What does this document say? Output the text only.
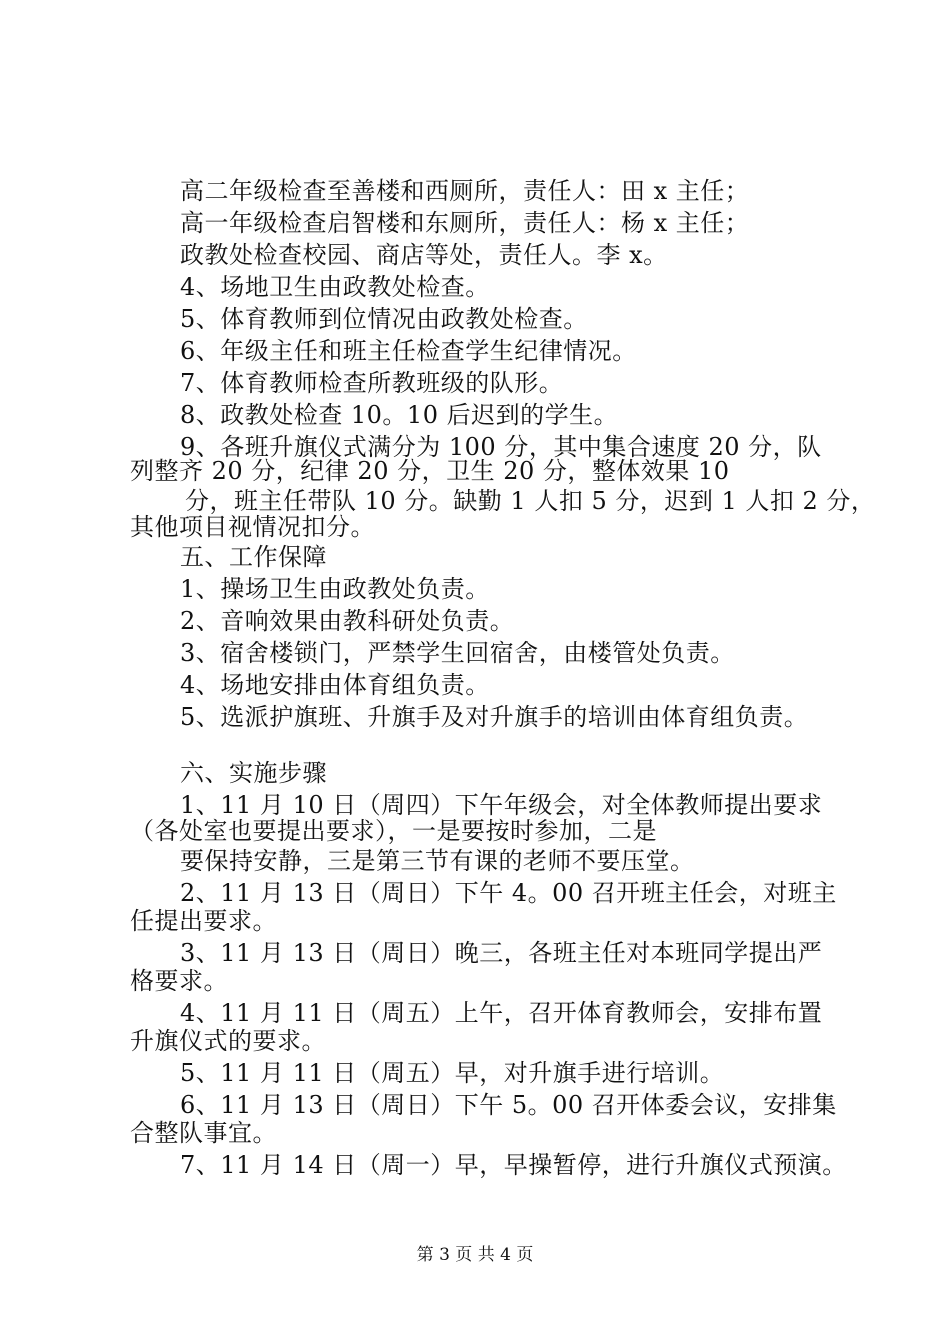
高二年级检查至善楼和西厕所，责任人：田 x 主任；
高一年级检查启智楼和东厕所，责任人：杨 x 主任；
政教处检查校园、商店等处，责任人。李 x。
4、场地卫生由政教处检查。
5、体育教师到位情况由政教处检查。
6、年级主任和班主任检查学生纪律情况。
7、体育教师检查所教班级的队形。
8、政教处检查 10。10 后迟到的学生。
9、各班升旗仪式满分为 100 分，其中集合速度 20 分，队
列整齐 20 分，纪律 20 分，卫生 20 分，整体效果 10
分，班主任带队 10 分。缺勤 1 人扣 5 分，迟到 1 人扣 2 分，
其他项目视情况扣分。
五、工作保障
1、操场卫生由政教处负责。
2、音响效果由教科研处负责。
3、宿舍楼锁门，严禁学生回宿舍，由楼管处负责。
4、场地安排由体育组负责。
5、选派护旗班、升旗手及对升旗手的培训由体育组负责。
六、实施步骤
1、11 月 10 日（周四）下午年级会，对全体教师提出要求
（各处室也要提出要求），一是要按时参加，二是
要保持安静，三是第三节有课的老师不要压堂。
2、11 月 13 日（周日）下午 4。00 召开班主任会，对班主
任提出要求。
3、11 月 13 日（周日）晚三，各班主任对本班同学提出严
格要求。
4、11 月 11 日（周五）上午，召开体育教师会，安排布置
升旗仪式的要求。
5、11 月 11 日（周五）早，对升旗手进行培训。
6、11 月 13 日（周日）下午 5。00 召开体委会议，安排集
合整队事宜。
7、11 月 14 日（周一）早，早操暂停，进行升旗仪式预演。
第 3 页 共 4 页
